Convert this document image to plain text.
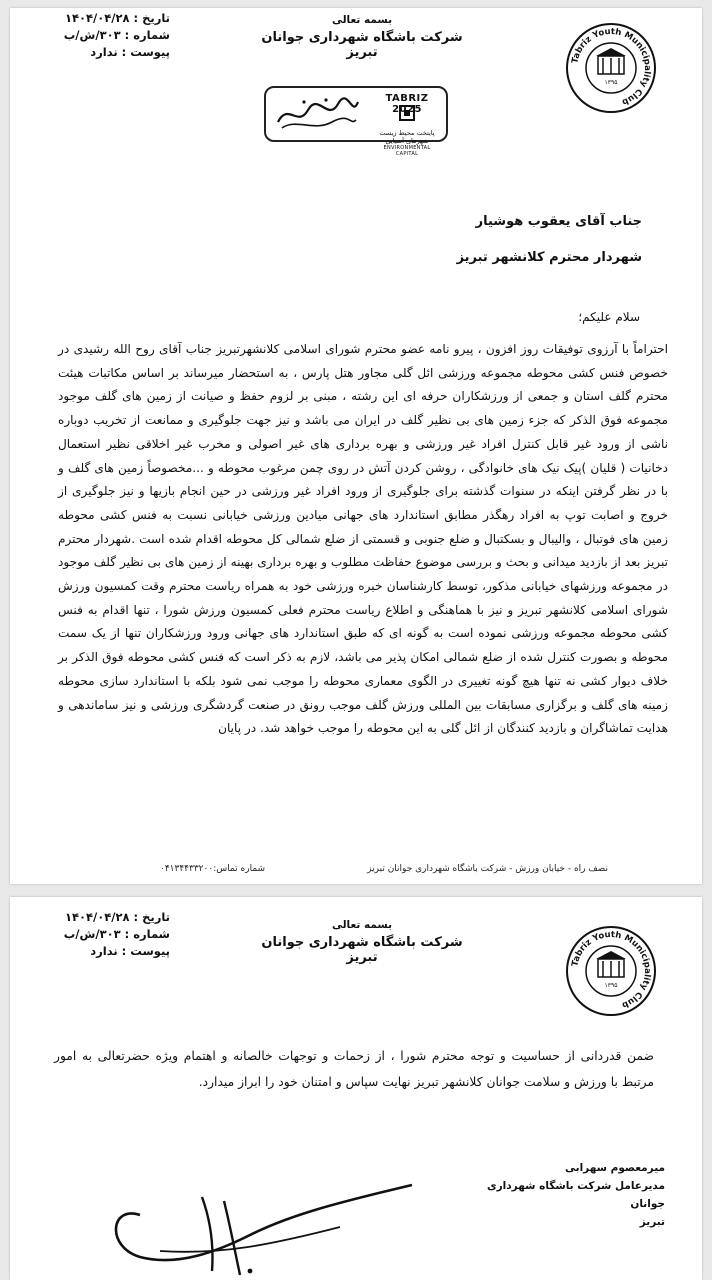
تاریخ : ۱۴۰۴/۰۴/۲۸
شماره : ۳۰۳/ش/ب
پیوست : ندارد
بسمه تعالی
شرکت باشگاه شهرداری جوانان تبریز
Tabriz Youth Municipality Club
۱۳۹۵
TABRIZ 2025
پایتخت محیط زیست
شهرهای آسیایی
ENVIRONMENTAL CAPITAL
جناب آقای یعقوب هوشیار
شهردار محترم کلانشهر تبریز
سلام علیکم؛
احتراماً با آرزوی توفیقات روز افزون ، پیرو نامه عضو محترم شورای اسلامی کلانشهرتبریز جناب آقای روح الله رشیدی در خصوص فنس کشی محوطه مجموعه ورزشی ائل گلی مجاور هتل پارس ، به استحضار میرساند بر اساس مکاتبات هیئت محترم گلف استان و جمعی از ورزشکاران حرفه ای این رشته ، مبنی بر لزوم حفظ و صیانت از زمین های گلف موجود مجموعه فوق الذکر که جزء زمین های بی نظیر گلف در ایران می باشد و نیز جهت جلوگیری و ممانعت از تخریب دوباره ناشی از ورود غیر قابل کنترل افراد غیر ورزشی و بهره برداری های غیر اصولی و مخرب غیر اخلاقی نظیر استعمال دخانیات ( قلیان )پیک نیک های خانوادگی ، روشن کردن آتش در روی چمن مرغوب محوطه و ...مخصوصاً زمین های گلف و با در نظر گرفتن اینکه در سنوات گذشته برای جلوگیری از ورود افراد غیر ورزشی در حین انجام بازیها و نیز جلوگیری از خروج و اصابت توپ به افراد رهگذر مطابق استاندارد های جهانی میادین ورزشی خیابانی نسبت به فنس کشی محوطه زمین های فوتبال ، والیبال و بسکتبال و ضلع جنوبی و قسمتی از ضلع شمالی کل محوطه اقدام شده است .شهردار محترم تبریز بعد از بازدید میدانی و بحث و بررسی موضوع حفاظت مطلوب و بهره برداری بهینه از زمین های بی نظیر گلف موجود در مجموعه ورزشهای خیابانی مذکور، توسط کارشناسان خبره ورزشی خود به همراه ریاست محترم وقت کمسیون ورزش شورای اسلامی کلانشهر تبریز و نیز با هماهنگی و اطلاع ریاست محترم فعلی کمسیون ورزش شورا ، تنها اقدام به فنس کشی محوطه مجموعه ورزشی نموده است به گونه ای که طبق استاندارد های جهانی ورود ورزشکاران تنها از یک سمت محوطه و بصورت کنترل شده از ضلع شمالی امکان پذیر می باشد، لازم به ذکر است که فنس کشی محوطه فوق الذکر بر خلاف دیوار کشی نه تنها هیچ گونه تغییری در الگوی معماری محوطه را موجب نمی شود بلکه با استاندارد سازی محوطه زمینه های گلف و برگزاری مسابقات بین المللی ورزش گلف موجب رونق در صنعت گردشگری ورزشی و نیز ساماندهی و هدایت تماشاگران و بازدید کنندگان از ائل گلی به این محوطه را موجب خواهد شد. در پایان
نصف راه - خیابان ورزش - شرکت باشگاه شهرداری جوانان تبریز
شماره تماس:۰۴۱۳۴۴۳۳۲۰۰
تاریخ : ۱۴۰۴/۰۴/۲۸
شماره : ۳۰۳/ش/ب
پیوست : ندارد
بسمه تعالی
شرکت باشگاه شهرداری جوانان تبریز	Tabriz Youth Municipality Club
۱۳۹۵
ضمن قدردانی از حساسیت و توجه محترم شورا ، از زحمات و توجهات خالصانه و اهتمام ویژه حضرتعالی به امور مرتبط با ورزش و سلامت جوانان کلانشهر تبریز نهایت سپاس و امتنان خود را ابراز میدارد.
میرمعصوم سهرابی
مدیرعامل شرکت باشگاه شهرداری جوانان
تبریز
